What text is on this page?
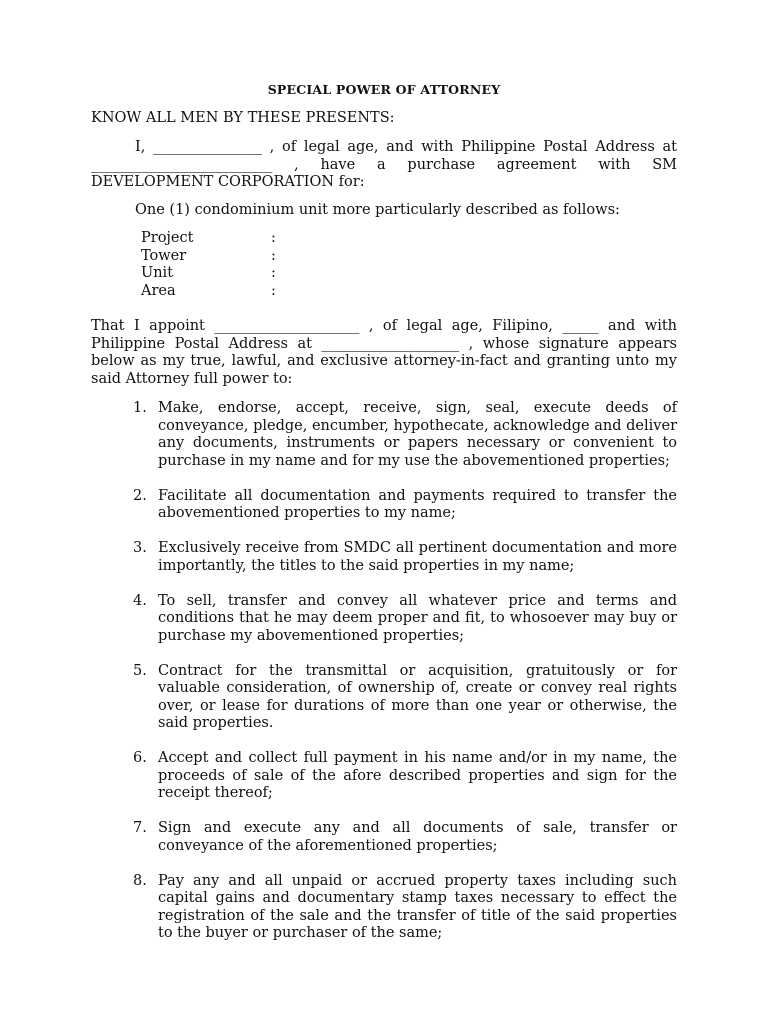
SPECIAL POWER OF ATTORNEY
KNOW ALL MEN BY THESE PRESENTS:
I, _______________ , of legal age, and with Philippine Postal Address at _________________________ , have a purchase agreement with SM DEVELOPMENT CORPORATION for:
One (1) condominium unit more particularly described as follows:
Project	:
Tower	:
Unit	:
Area	:
That I appoint ____________________ , of legal age, Filipino, _____ and with Philippine Postal Address at ___________________ , whose signature appears below as my true, lawful, and exclusive attorney-in-fact and granting unto my said Attorney full power to:
1. Make, endorse, accept, receive, sign, seal, execute deeds of conveyance, pledge, encumber, hypothecate, acknowledge and deliver any documents, instruments or papers necessary or convenient to purchase in my name and for my use the abovementioned properties;
2. Facilitate all documentation and payments required to transfer the abovementioned properties to my name;
3. Exclusively receive from SMDC all pertinent documentation and more importantly, the titles to the said properties in my name;
4. To sell, transfer and convey all whatever price and terms and conditions that he may deem proper and fit, to whosoever may buy or purchase my abovementioned properties;
5. Contract for the transmittal or acquisition, gratuitously or for valuable consideration, of ownership of, create or convey real rights over, or lease for durations of more than one year or otherwise, the said properties.
6. Accept and collect full payment in his name and/or in my name, the proceeds of sale of the afore described properties and sign for the receipt thereof;
7. Sign and execute any and all documents of sale, transfer or conveyance of the aforementioned properties;
8. Pay any and all unpaid or accrued property taxes including such capital gains and documentary stamp taxes necessary to effect the registration of the sale and the transfer of title of the said properties to the buyer or purchaser of the same;
